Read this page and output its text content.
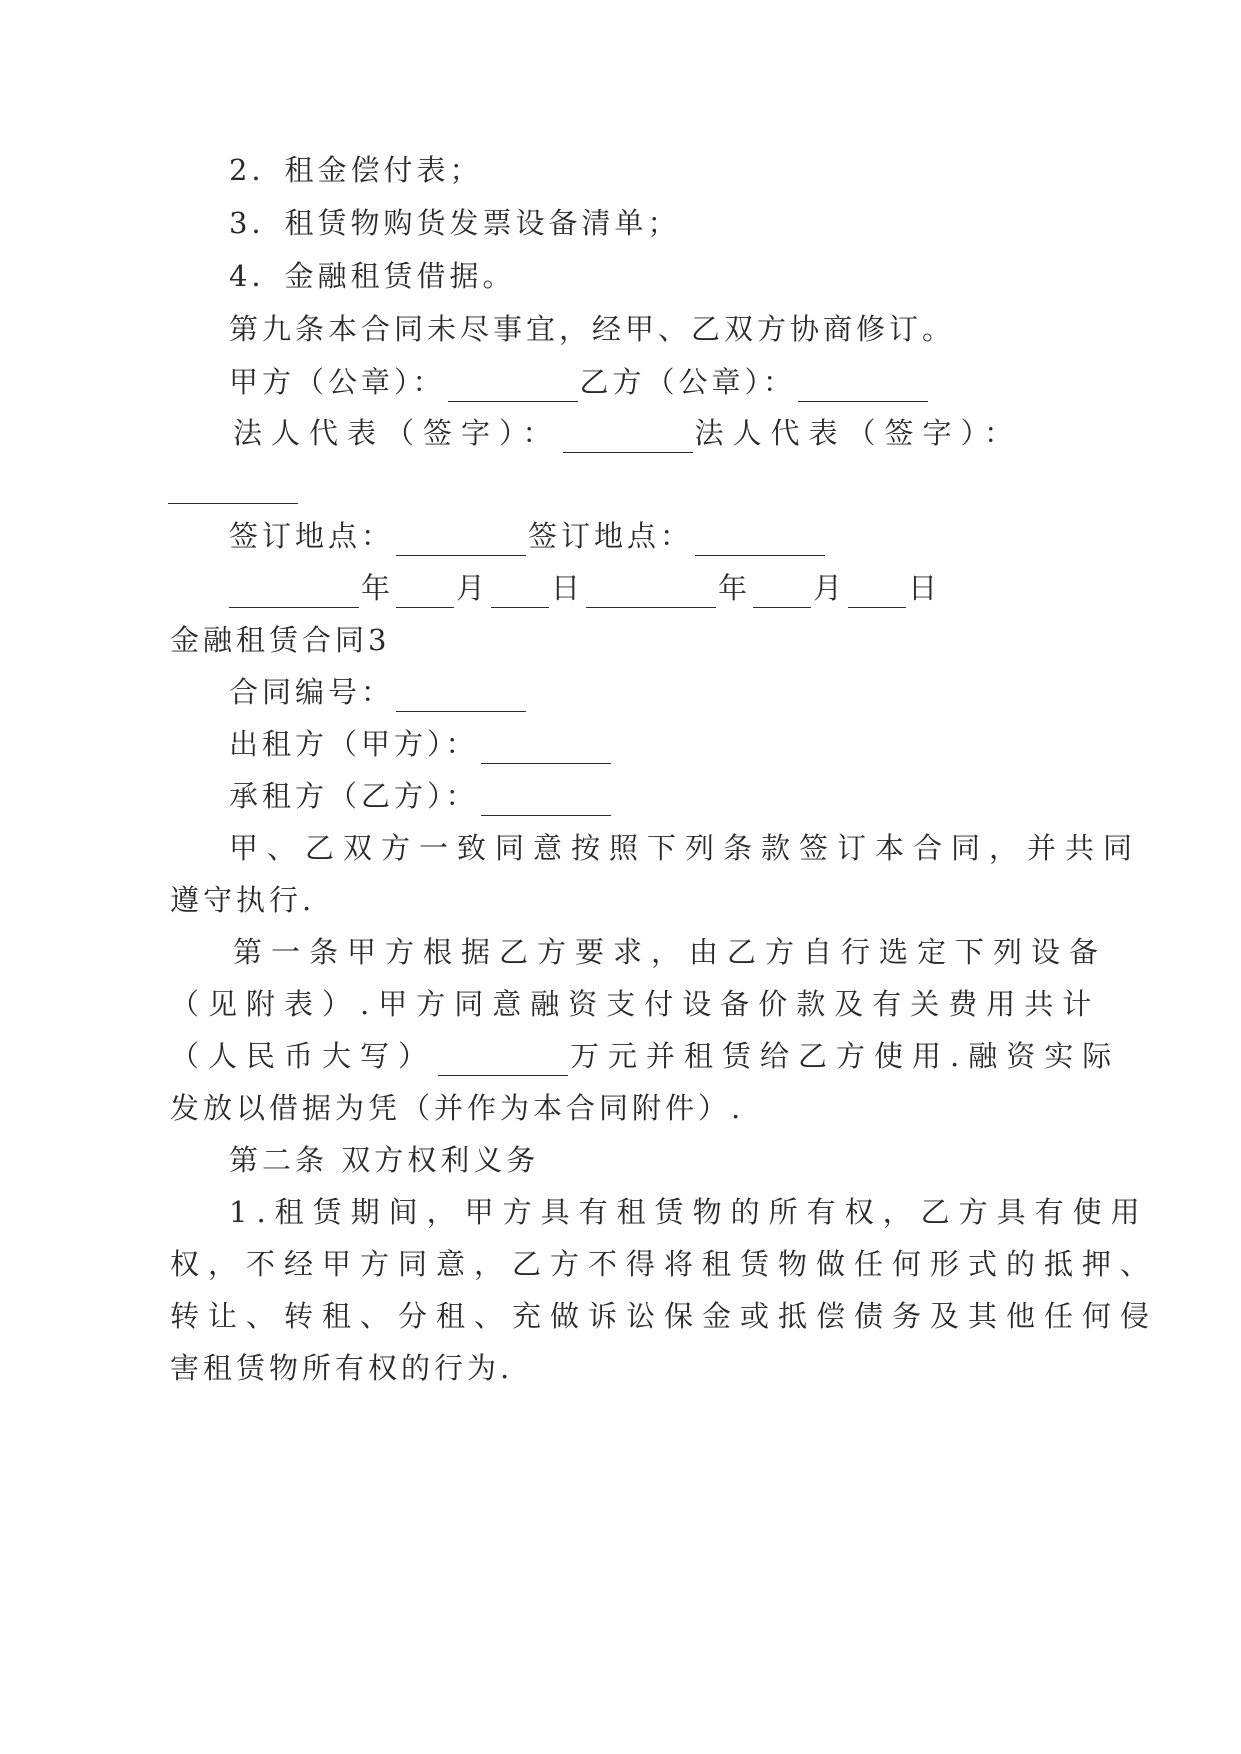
2．租金偿付表；
3．租赁物购货发票设备清单；
4．金融租赁借据。
第九条本合同未尽事宜，经甲、乙双方协商修订。
甲方（公章）：	乙方（公章）：
法人代表（签字）：	法人代表（签字）：
签订地点：	签订地点：
年 月 日	年 月 日
金融租赁合同3
合同编号：
出租方（甲方）：
承租方（乙方）：
甲、乙双方一致同意按照下列条款签订本合同，并共同
遵守执行.
第一条甲方根据乙方要求，由乙方自行选定下列设备
（见附表）.甲方同意融资支付设备价款及有关费用共计
（人民币大写）	万元并租赁给乙方使用.融资实际
发放以借据为凭（并作为本合同附件）.
第二条 双方权利义务
1.租赁期间，甲方具有租赁物的所有权，乙方具有使用
权，不经甲方同意，乙方不得将租赁物做任何形式的抵押、
转让、转租、分租、充做诉讼保金或抵偿债务及其他任何侵
害租赁物所有权的行为.
